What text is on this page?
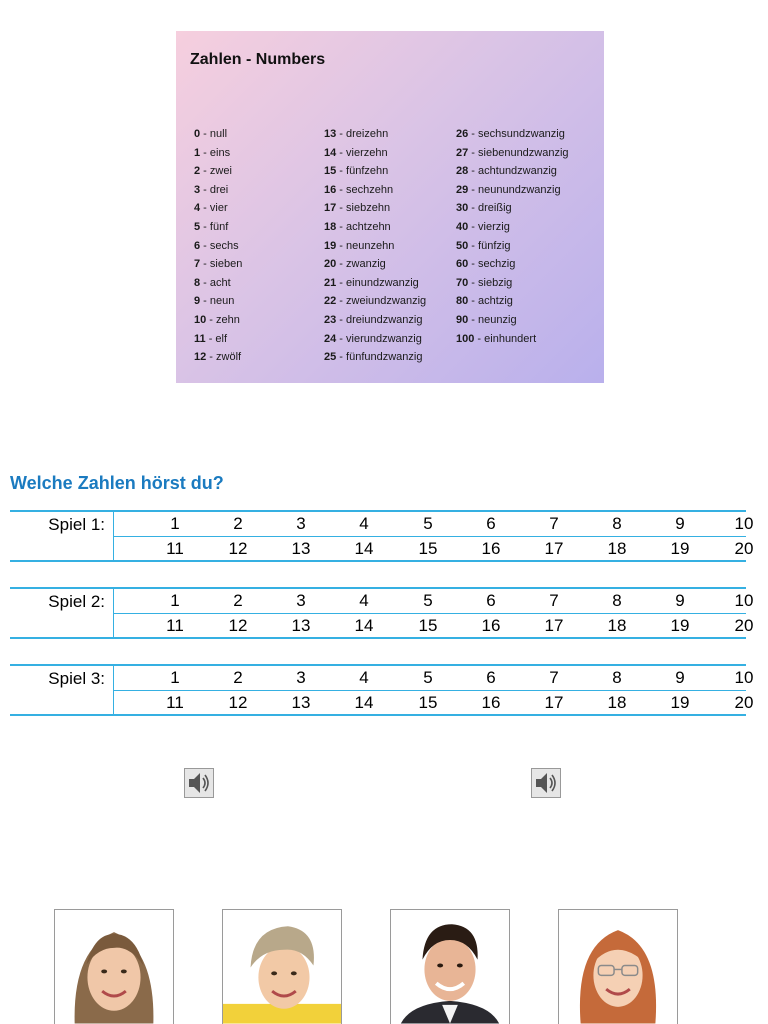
Zahlen - Numbers
0 - null
1 - eins
2 - zwei
3 - drei
4 - vier
5 - fünf
6 - sechs
7 - sieben
8 - acht
9 - neun
10 - zehn
11 - elf
12 - zwölf
13 - dreizehn
14 - vierzehn
15 - fünfzehn
16 - sechzehn
17 - siebzehn
18 - achtzehn
19 - neunzehn
20 - zwanzig
21 - einundzwanzig
22 - zweiundzwanzig
23 - dreiundzwanzig
24 - vierundzwanzig
25 - fünfundzwanzig
26 - sechsundzwanzig
27 - siebenundzwanzig
28 - achtundzwanzig
29 - neunundzwanzig
30 - dreißig
40 - vierzig
50 - fünfzig
60 - sechzig
70 - siebzig
80 - achtzig
90 - neunzig
100 - einhundert
Welche Zahlen hörst du?
Spiel 1:	1	2	3	4	5	6	7	8	9	10
11	12	13	14	15	16	17	18	19	20
Spiel 2:	1	2	3	4	5	6	7	8	9	10
11	12	13	14	15	16	17	18	19	20
Spiel 3:	1	2	3	4	5	6	7	8	9	10
11	12	13	14	15	16	17	18	19	20
